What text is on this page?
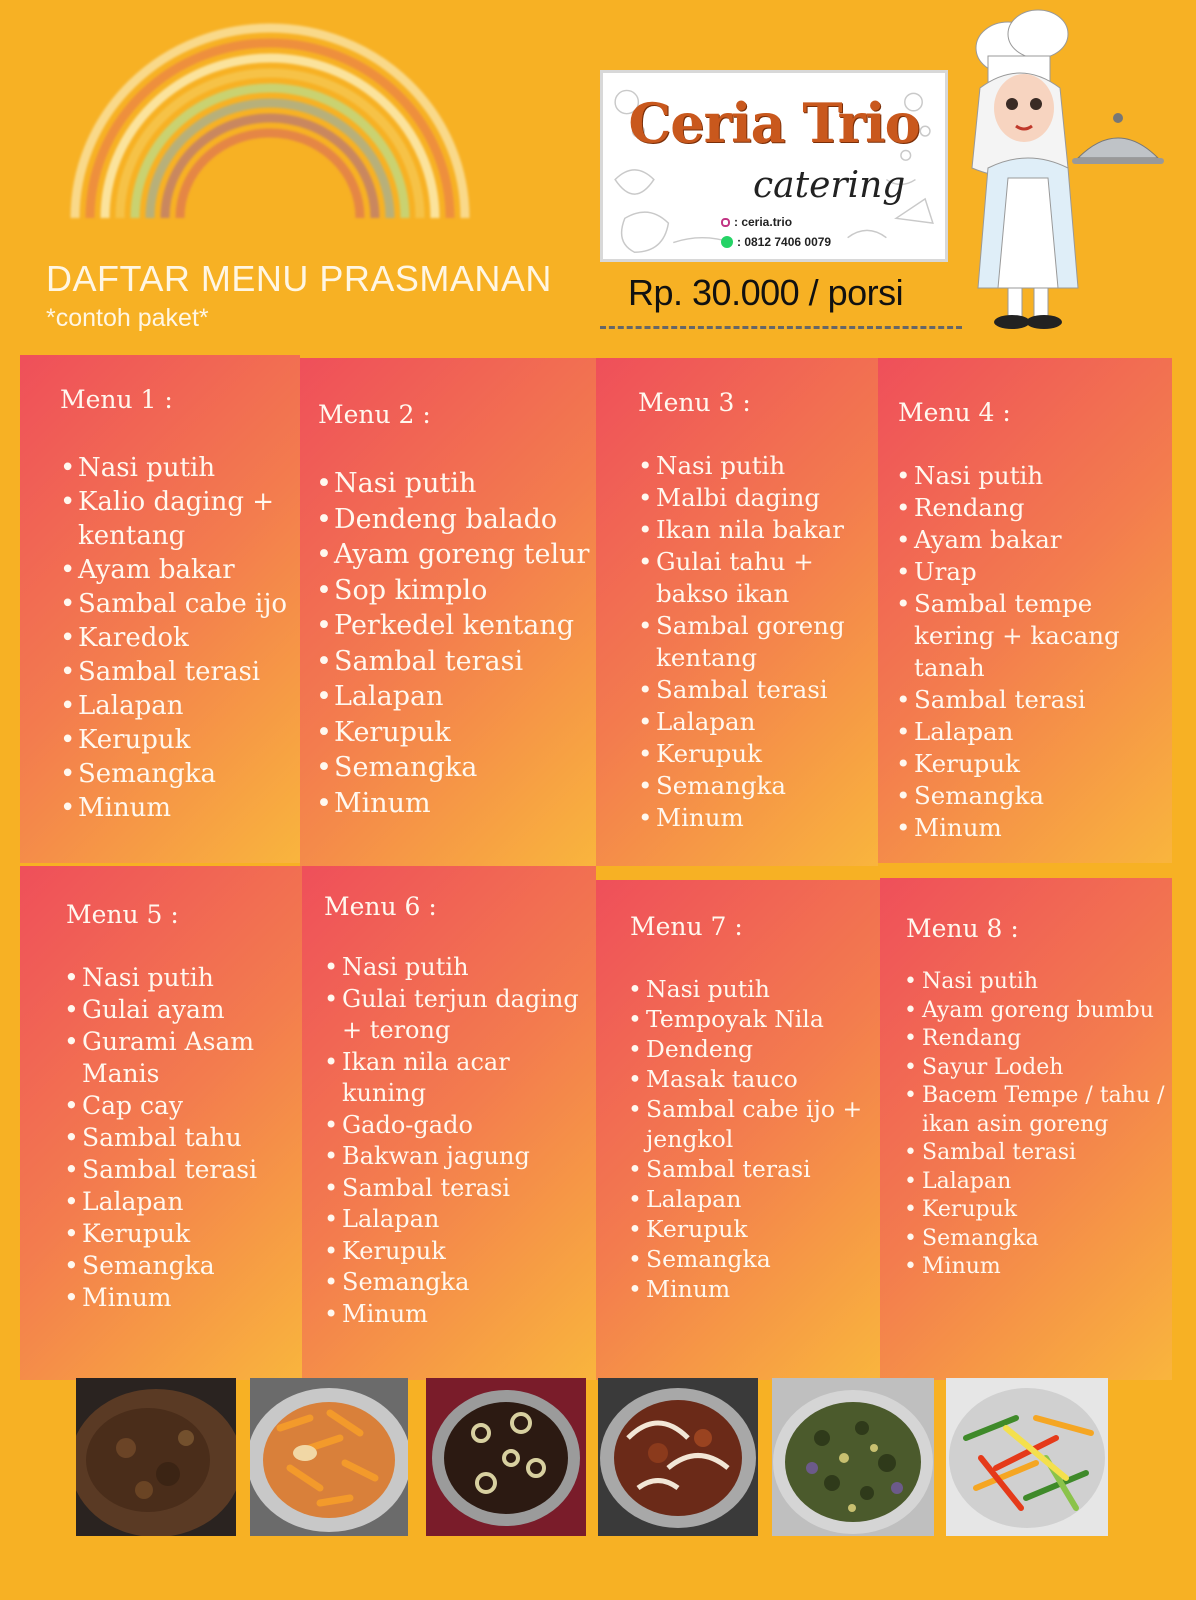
DAFTAR MENU PRASMANAN
*contoh paket*
Ceria Trio
catering
: ceria.trio
: 0812 7406 0079
Rp. 30.000 / porsi
Menu 1 :
• Nasi putih
• Kalio daging + kentang
• Ayam bakar
• Sambal cabe ijo
• Karedok
• Sambal terasi
• Lalapan
• Kerupuk
• Semangka
• Minum
Menu 2 :
• Nasi putih
• Dendeng balado
• Ayam goreng telur
• Sop kimplo
• Perkedel kentang
• Sambal terasi
• Lalapan
• Kerupuk
• Semangka
• Minum
Menu 3 :
• Nasi putih
• Malbi daging
• Ikan nila bakar
• Gulai tahu + bakso ikan
• Sambal goreng kentang
• Sambal terasi
• Lalapan
• Kerupuk
• Semangka
• Minum
Menu 4 :
• Nasi putih
• Rendang
• Ayam bakar
• Urap
• Sambal tempe kering + kacang tanah
• Sambal terasi
• Lalapan
• Kerupuk
• Semangka
• Minum
Menu 5 :
• Nasi putih
• Gulai ayam
• Gurami Asam Manis
• Cap cay
• Sambal tahu
• Sambal terasi
• Lalapan
• Kerupuk
• Semangka
• Minum
Menu 6 :
• Nasi putih
• Gulai terjun daging + terong
• Ikan nila acar kuning
• Gado-gado
• Bakwan jagung
• Sambal terasi
• Lalapan
• Kerupuk
• Semangka
• Minum
Menu 7 :
• Nasi putih
• Tempoyak Nila
• Dendeng
• Masak tauco
• Sambal cabe ijo + jengkol
• Sambal terasi
• Lalapan
• Kerupuk
• Semangka
• Minum
Menu 8 :
• Nasi putih
• Ayam goreng bumbu
• Rendang
• Sayur Lodeh
• Bacem Tempe / tahu / ikan asin goreng
• Sambal terasi
• Lalapan
• Kerupuk
• Semangka
• Minum
